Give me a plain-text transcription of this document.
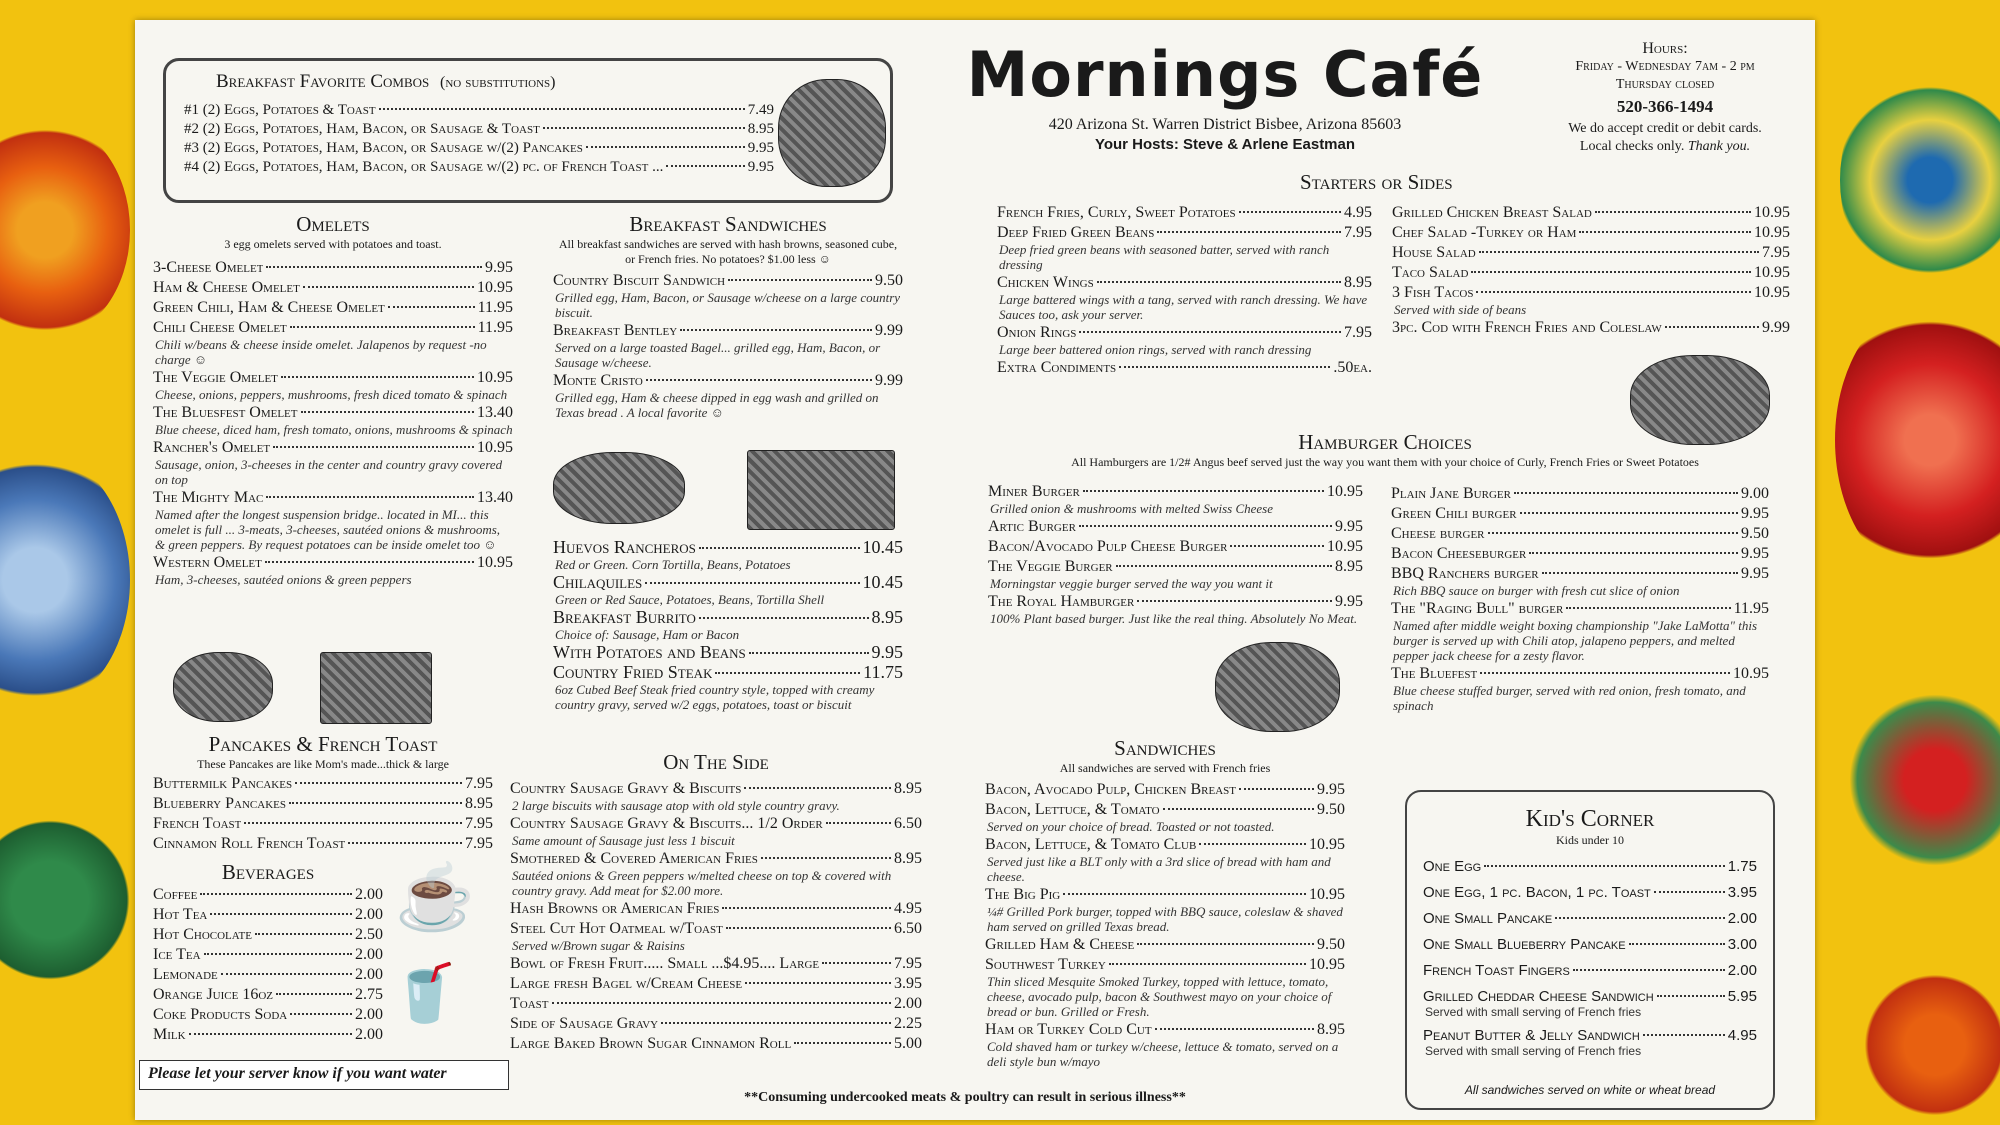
Breakfast Favorite Combos (no substitutions)
#1 (2) Eggs, Potatoes & Toast	7.49
#2 (2) Eggs, Potatoes, Ham, Bacon, or Sausage & Toast	8.95
#3 (2) Eggs, Potatoes, Ham, Bacon, or Sausage w/(2) Pancakes	9.95
#4 (2) Eggs, Potatoes, Ham, Bacon, or Sausage w/(2) pc. of French Toast ...	9.95
Mornings Café
420 Arizona St. Warren District Bisbee, Arizona 85603
Your Hosts: Steve & Arlene Eastman
Hours:
Friday - Wednesday 7am - 2 pm
Thursday closed
520-366-1494
We do accept credit or debit cards.
Local checks only. Thank you.
Omelets
3 egg omelets served with potatoes and toast.
3-Cheese Omelet	9.95
Ham & Cheese Omelet	10.95
Green Chili, Ham & Cheese Omelet	11.95
Chili Cheese Omelet	11.95
Chili w/beans & cheese inside omelet. Jalapenos by request -no charge ☺
The Veggie Omelet	10.95
Cheese, onions, peppers, mushrooms, fresh diced tomato & spinach
The Bluesfest Omelet	13.40
Blue cheese, diced ham, fresh tomato, onions, mushrooms & spinach
Rancher's Omelet	10.95
Sausage, onion, 3-cheeses in the center and country gravy covered on top
The Mighty Mac	13.40
Named after the longest suspension bridge.. located in MI... this omelet is full ... 3-meats, 3-cheeses, sautéed onions & mushrooms, & green peppers. By request potatoes can be inside omelet too ☺
Western Omelet	10.95
Ham, 3-cheeses, sautéed onions & green peppers
Pancakes & French Toast
These Pancakes are like Mom's made...thick & large
Buttermilk Pancakes	7.95
Blueberry Pancakes	8.95
French Toast	7.95
Cinnamon Roll French Toast	7.95
Beverages
Coffee	2.00
Hot Tea	2.00
Hot Chocolate	2.50
Ice Tea	2.00
Lemonade	2.00
Orange Juice 16oz	2.75
Coke Products Soda	2.00
Milk	2.00
☕
🥤
Please let your server know if you want water
Breakfast Sandwiches
All breakfast sandwiches are served with hash browns, seasoned cube, or French fries. No potatoes? $1.00 less ☺
Country Biscuit Sandwich	9.50
Grilled egg, Ham, Bacon, or Sausage w/cheese on a large country biscuit.
Breakfast Bentley	9.99
Served on a large toasted Bagel... grilled egg, Ham, Bacon, or Sausage w/cheese.
Monte Cristo	9.99
Grilled egg, Ham & cheese dipped in egg wash and grilled on Texas bread . A local favorite ☺
Huevos Rancheros	10.45
Red or Green. Corn Tortilla, Beans, Potatoes
Chilaquiles	10.45
Green or Red Sauce, Potatoes, Beans, Tortilla Shell
Breakfast Burrito	8.95
Choice of: Sausage, Ham or Bacon
With Potatoes and Beans	9.95
Country Fried Steak	11.75
6oz Cubed Beef Steak fried country style, topped with creamy country gravy, served w/2 eggs, potatoes, toast or biscuit
On The Side
Country Sausage Gravy & Biscuits	8.95
2 large biscuits with sausage atop with old style country gravy.
Country Sausage Gravy & Biscuits... 1/2 Order	6.50
Same amount of Sausage just less 1 biscuit
Smothered & Covered American Fries	8.95
Sautéed onions & Green peppers w/melted cheese on top & covered with country gravy. Add meat for $2.00 more.
Hash Browns or American Fries	4.95
Steel Cut Hot Oatmeal w/Toast	6.50
Served w/Brown sugar & Raisins
Bowl of Fresh Fruit..... Small ...$4.95.... Large	7.95
Large fresh Bagel w/Cream Cheese	3.95
Toast	2.00
Side of Sausage Gravy	2.25
Large Baked Brown Sugar Cinnamon Roll	5.00
Starters or Sides
French Fries, Curly, Sweet Potatoes	4.95
Deep Fried Green Beans	7.95
Deep fried green beans with seasoned batter, served with ranch dressing
Chicken Wings	8.95
Large battered wings with a tang, served with ranch dressing. We have Sauces too, ask your server.
Onion Rings	7.95
Large beer battered onion rings, served with ranch dressing
Extra Condiments	.50ea.
Grilled Chicken Breast Salad	10.95
Chef Salad -Turkey or Ham	10.95
House Salad	7.95
Taco Salad	10.95
3 Fish Tacos	10.95
Served with side of beans
3pc. Cod with French Fries and Coleslaw	9.99
Hamburger Choices
All Hamburgers are 1/2# Angus beef served just the way you want them with your choice of Curly, French Fries or Sweet Potatoes
Miner Burger	10.95
Grilled onion & mushrooms with melted Swiss Cheese
Artic Burger	9.95
Bacon/Avocado Pulp Cheese Burger	10.95
The Veggie Burger	8.95
Morningstar veggie burger served the way you want it
The Royal Hamburger	9.95
100% Plant based burger. Just like the real thing. Absolutely No Meat.
Plain Jane Burger	9.00
Green Chili burger	9.95
Cheese burger	9.50
Bacon Cheeseburger	9.95
BBQ Ranchers burger	9.95
Rich BBQ sauce on burger with fresh cut slice of onion
The "Raging Bull" burger	11.95
Named after middle weight boxing championship "Jake LaMotta" this burger is served up with Chili atop, jalapeno peppers, and melted pepper jack cheese for a zesty flavor.
The Bluefest	10.95
Blue cheese stuffed burger, served with red onion, fresh tomato, and spinach
Sandwiches
All sandwiches are served with French fries
Bacon, Avocado Pulp, Chicken Breast	9.95
Bacon, Lettuce, & Tomato	9.50
Served on your choice of bread. Toasted or not toasted.
Bacon, Lettuce, & Tomato Club	10.95
Served just like a BLT only with a 3rd slice of bread with ham and cheese.
The Big Pig	10.95
¼# Grilled Pork burger, topped with BBQ sauce, coleslaw & shaved ham served on grilled Texas bread.
Grilled Ham & Cheese	9.50
Southwest Turkey	10.95
Thin sliced Mesquite Smoked Turkey, topped with lettuce, tomato, cheese, avocado pulp, bacon & Southwest mayo on your choice of bread or bun. Grilled or Fresh.
Ham or Turkey Cold Cut	8.95
Cold shaved ham or turkey w/cheese, lettuce & tomato, served on a deli style bun w/mayo
Kid's Corner
Kids under 10
One Egg	1.75
One Egg, 1 pc. Bacon, 1 pc. Toast	3.95
One Small Pancake	2.00
One Small Blueberry Pancake	3.00
French Toast Fingers	2.00
Grilled Cheddar Cheese Sandwich	5.95
Served with small serving of French fries
Peanut Butter & Jelly Sandwich	4.95
Served with small serving of French fries
All sandwiches served on white or wheat bread
**Consuming undercooked meats & poultry can result in serious illness**
